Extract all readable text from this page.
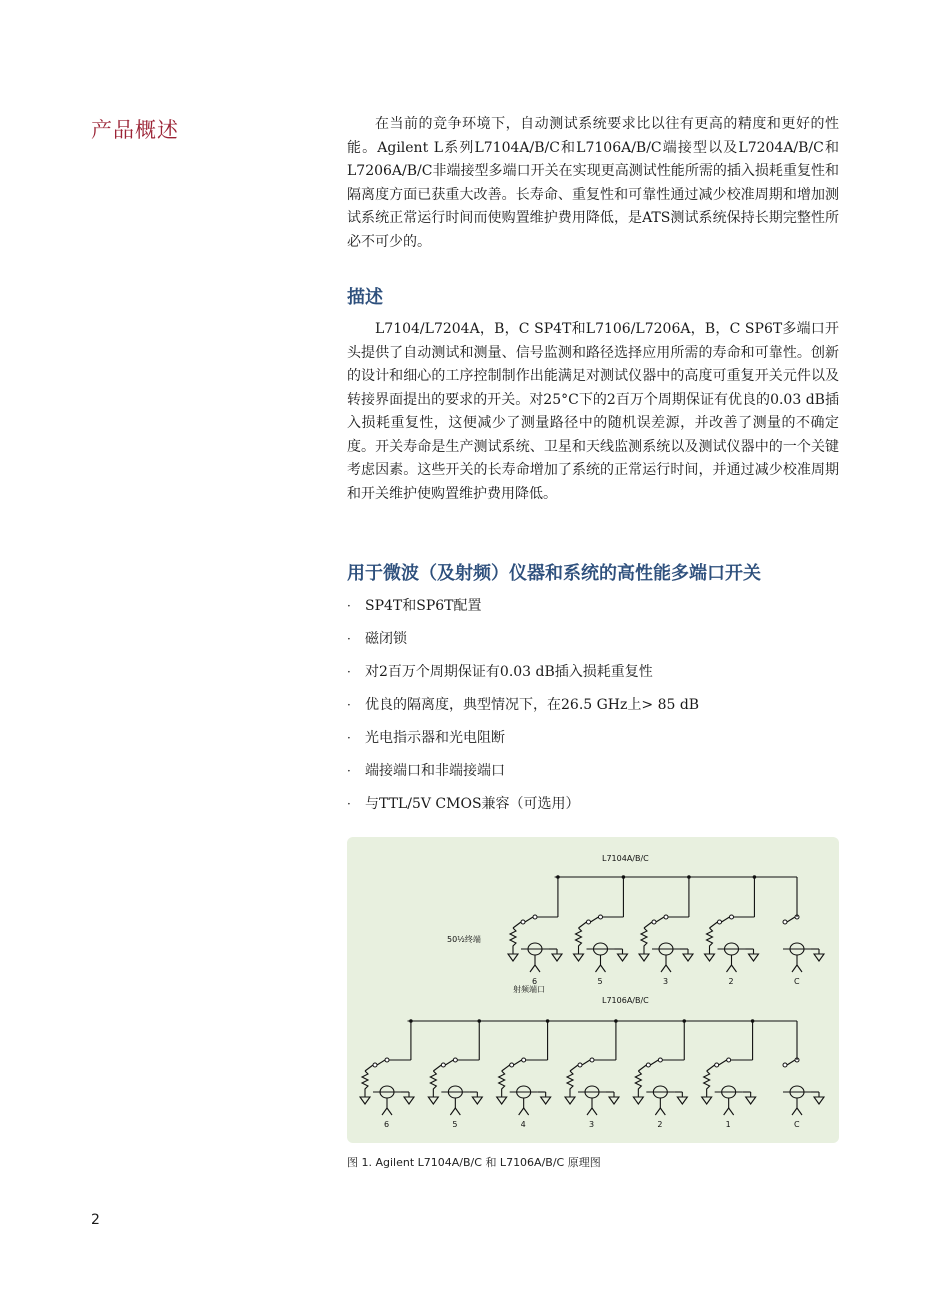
产品概述	在当前的竞争环境下，自动测试系统要求比以往有更高的精度和更好的性能。Agilent L系列L7104A/B/C和L7106A/B/C端接型以及L7204A/B/C和L7206A/B/C非端接型多端口开关在实现更高测试性能所需的插入损耗重复性和隔离度方面已获重大改善。长寿命、重复性和可靠性通过减少校准周期和增加测试系统正常运行时间而使购置维护费用降低，是ATS测试系统保持长期完整性所必不可少的。

描述

L7104/L7204A，B，C SP4T和L7106/L7206A，B，C SP6T多端口开头提供了自动测试和测量、信号监测和路径选择应用所需的寿命和可靠性。创新的设计和细心的工序控制制作出能满足对测试仪器中的高度可重复开关元件以及转接界面提出的要求的开关。对25°C下的2百万个周期保证有优良的0.03 dB插入损耗重复性，这便减少了测量路径中的随机误差源，并改善了测量的不确定度。开关寿命是生产测试系统、卫星和天线监测系统以及测试仪器中的一个关键考虑因素。这些开关的长寿命增加了系统的正常运行时间，并通过减少校准周期和开关维护使购置维护费用降低。

用于微波（及射频）仪器和系统的高性能多端口开关
·	SP4T和SP6T配置
·	磁闭锁
·	对2百万个周期保证有0.03 dB插入损耗重复性
·	优良的隔离度，典型情况下，在26.5 GHz上> 85 dB
·	光电指示器和光电阻断
·	端接端口和非端接端口
·	与TTL/5V CMOS兼容（可选用）
L7104A/B/C
50½终端
射频端口
L7106A/B/C
6	5	3	2	C
6	5	4	3	2	1	C
图 1. Agilent L7104A/B/C 和 L7106A/B/C 原理图
2
